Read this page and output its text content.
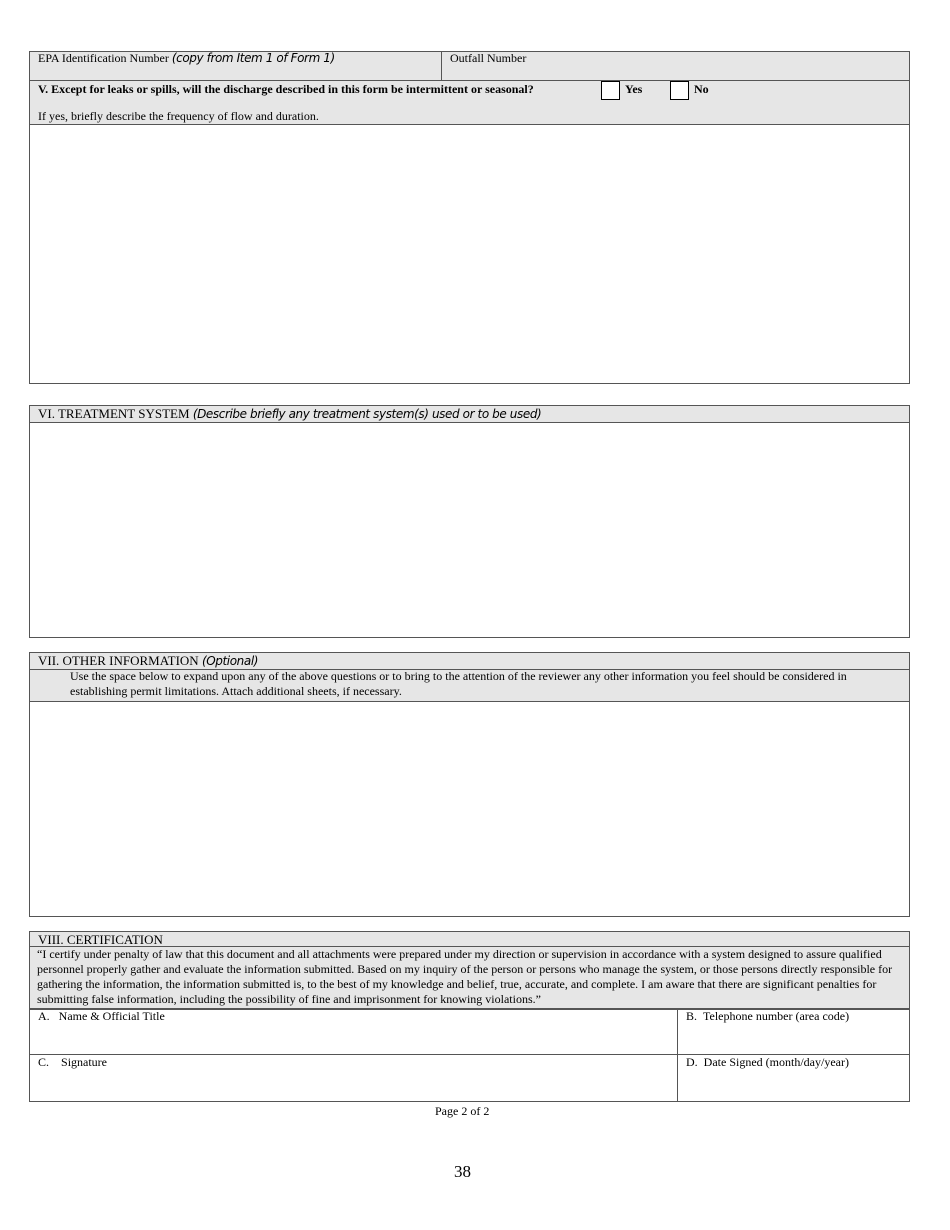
EPA Identification Number (copy from Item 1 of Form 1)	Outfall Number
V. Except for leaks or spills, will the discharge described in this form be intermittent or seasonal?	Yes	No
If yes, briefly describe the frequency of flow and duration.
VI. TREATMENT SYSTEM (Describe briefly any treatment system(s) used or to be used)
VII. OTHER INFORMATION (Optional)
Use the space below to expand upon any of the above questions or to bring to the attention of the reviewer any other information you feel should be considered in establishing permit limitations. Attach additional sheets, if necessary.
VIII. CERTIFICATION
“I certify under penalty of law that this document and all attachments were prepared under my direction or supervision in accordance with a system designed to assure qualified personnel properly gather and evaluate the information submitted. Based on my inquiry of the person or persons who manage the system, or those persons directly responsible for gathering the information, the information submitted is, to the best of my knowledge and belief, true, accurate, and complete. I am aware that there are significant penalties for submitting false information, including the possibility of fine and imprisonment for knowing violations.”
A. Name & Official Title	B. Telephone number (area code)
C. Signature	D. Date Signed (month/day/year)
Page 2 of 2
38
